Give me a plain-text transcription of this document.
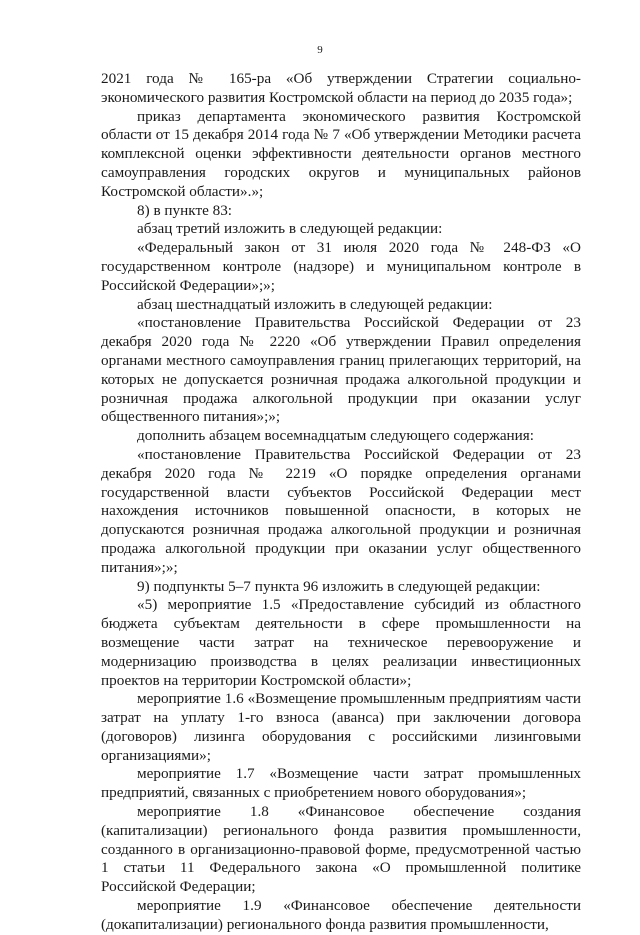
9

2021 года № 165-ра «Об утверждении Стратегии социально-экономического развития Костромской области на период до 2035 года»;

приказ департамента экономического развития Костромской области от 15 декабря 2014 года № 7 «Об утверждении Методики расчета комплексной оценки эффективности деятельности органов местного самоуправления городских округов и муниципальных районов Костромской области».»;

8) в пункте 83:

абзац третий изложить в следующей редакции:

«Федеральный закон от 31 июля 2020 года № 248-ФЗ «О государственном контроле (надзоре) и муниципальном контроле в Российской Федерации»;»;

абзац шестнадцатый изложить в следующей редакции:

«постановление Правительства Российской Федерации от 23 декабря 2020 года № 2220 «Об утверждении Правил определения органами местного самоуправления границ прилегающих территорий, на которых не допускается розничная продажа алкогольной продукции и розничная продажа алкогольной продукции при оказании услуг общественного питания»;»;

дополнить абзацем восемнадцатым следующего содержания:

«постановление Правительства Российской Федерации от 23 декабря 2020 года № 2219 «О порядке определения органами государственной власти субъектов Российской Федерации мест нахождения источников повышенной опасности, в которых не допускаются розничная продажа алкогольной продукции и розничная продажа алкогольной продукции при оказании услуг общественного питания»;»;

9) подпункты 5–7 пункта 96 изложить в следующей редакции:

«5) мероприятие 1.5 «Предоставление субсидий из областного бюджета субъектам деятельности в сфере промышленности на возмещение части затрат на техническое перевооружение и модернизацию производства в целях реализации инвестиционных проектов на территории Костромской области»;

мероприятие 1.6 «Возмещение промышленным предприятиям части затрат на уплату 1-го взноса (аванса) при заключении договора (договоров) лизинга оборудования с российскими лизинговыми организациями»;

мероприятие 1.7 «Возмещение части затрат промышленных предприятий, связанных с приобретением нового оборудования»;

мероприятие 1.8 «Финансовое обеспечение создания (капитализации) регионального фонда развития промышленности, созданного в организационно-правовой форме, предусмотренной частью 1 статьи 11 Федерального закона «О промышленной политике Российской Федерации;

мероприятие 1.9 «Финансовое обеспечение деятельности (докапитализации) регионального фонда развития промышленности,
